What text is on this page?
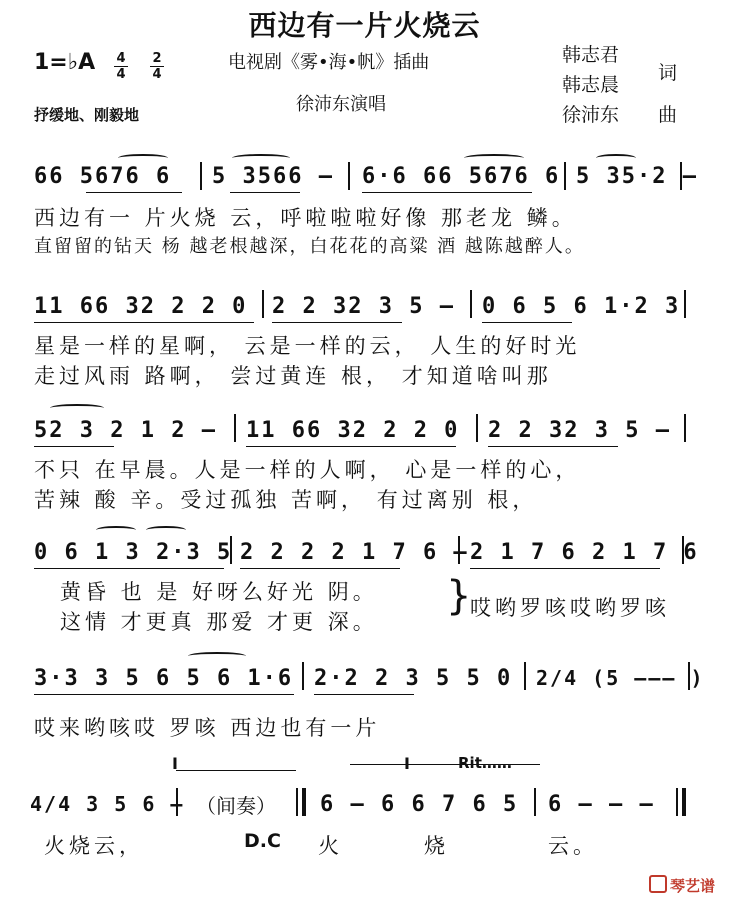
西边有一片火烧云
1=♭A 4
4
2
4
电视剧《雾•海•帆》插曲
徐沛东演唱
抒缓地、刚毅地
韩志君
韩志晨
词
徐沛东 曲
66 5676 6 5 3566 — 6·6 66 5676 6 5 35·2 —
西边有一 片火烧 云，呼啦啦啦好像 那老龙 鳞。
直留留的钻天 杨 越老根越深，白花花的高粱 酒 越陈越醉人。
11 66 32 2 2 0 2 2 32 3 5 — 0 6 5 6 1·2 3
星是一样的星啊， 云是一样的云， 人生的好时光
走过风雨 路啊， 尝过黄连 根， 才知道啥叫那
52 3 2 1 2 — 11 66 32 2 2 0 2 2 32 3 5 —
不只 在早晨。人是一样的人啊， 心是一样的心，
苦辣 酸 辛。受过孤独 苦啊， 有过离别 根，
0 6 1 3 2·3 5 2 2 2 2 1 7 6 — 2 1 7 6 2 1 7 6
黄昏 也 是 好呀么好光 阴。
这情 才更真 那爱 才更 深。
}
哎哟罗咳哎哟罗咳
3·3 3 5 6 5 6 1·6 2·2 2 3 5 5 0 2/4 (5 ——— )
哎来哟咳哎 罗咳 西边也有一片
4/4 3 5 6 — （间奏） 6 — 6 6 7 6 5 6 — — —
I	I	Rit……
火烧云，	D.C 火	烧	云。
琴艺谱
